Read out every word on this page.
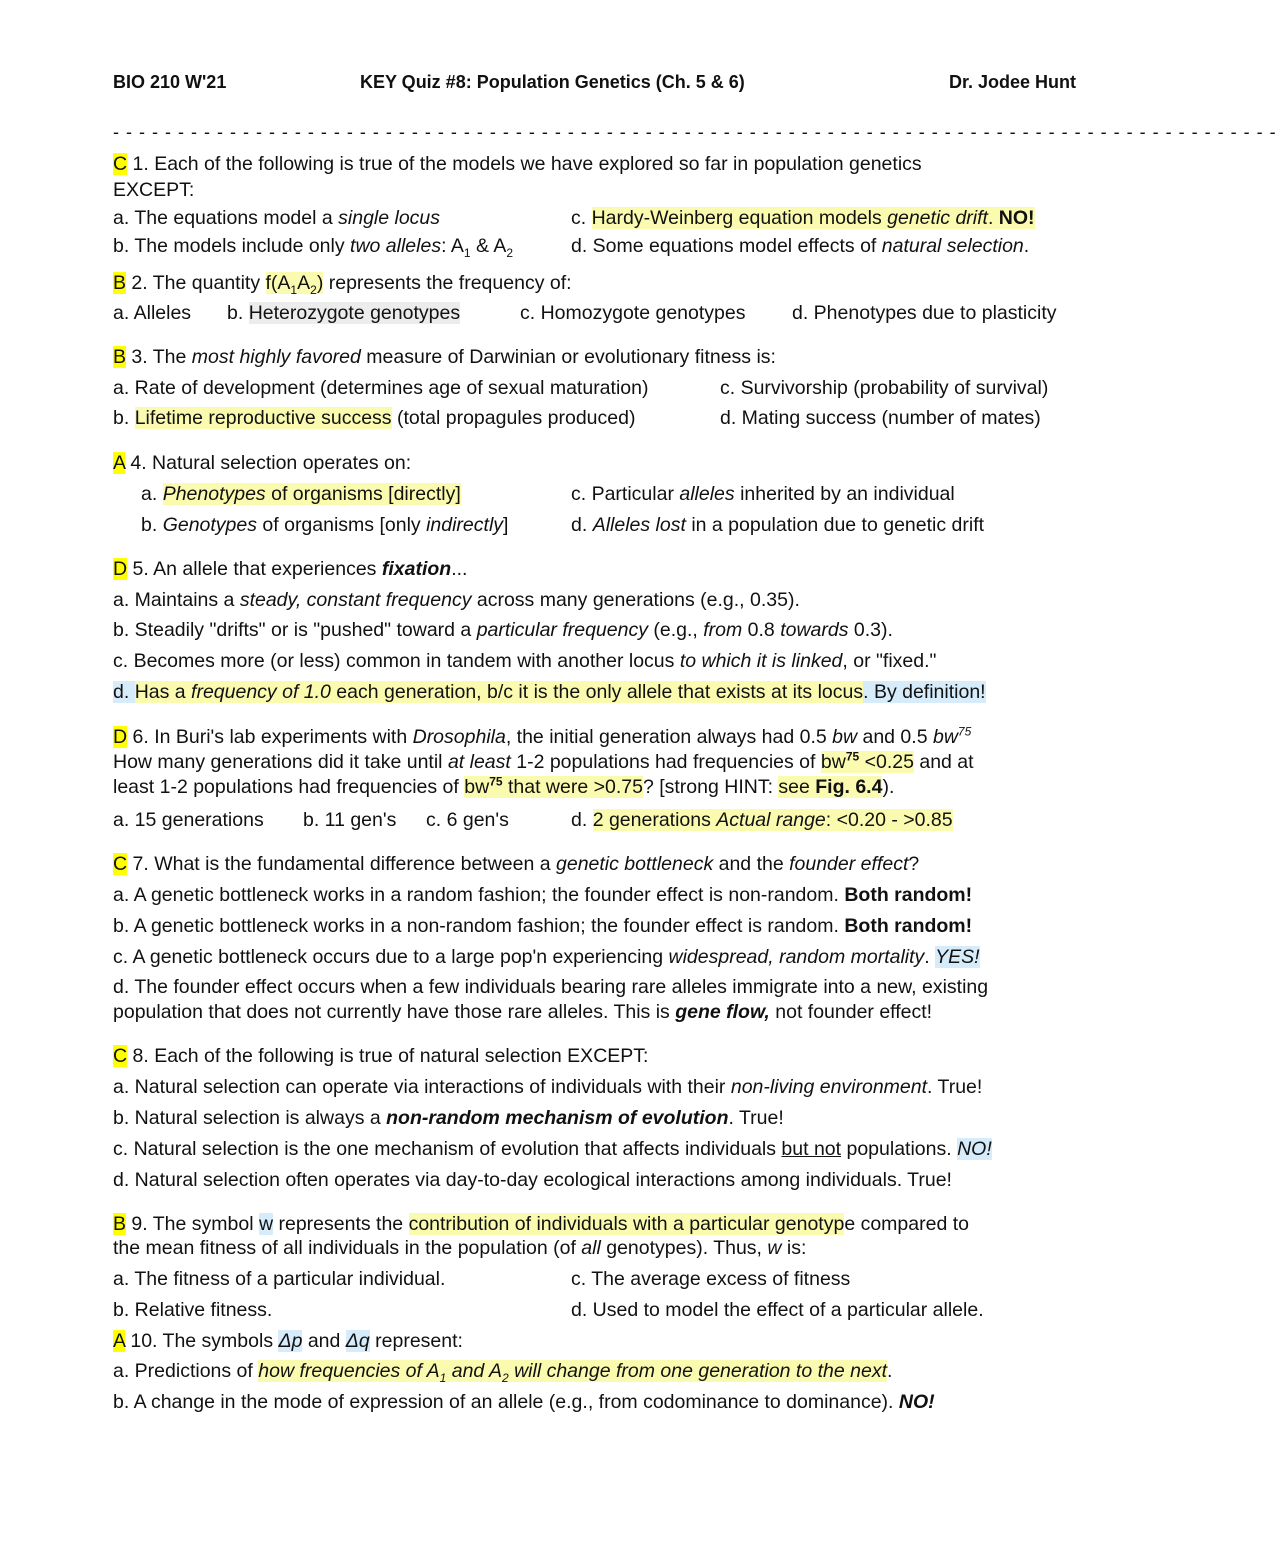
BIO 210 W'21	KEY Quiz #8: Population Genetics (Ch. 5 & 6)	Dr. Jodee Hunt
- - - - - - - - - - - - - - - - - - - - - - - - - - - - - - - - - - - - - - - - - - - - - - - - - - - - - - - - - - - - - - - - - - - - - - - - - - - - - - - - - - - - - - - - - -
C 1. Each of the following is true of the models we have explored so far in population genetics
EXCEPT:
a. The equations model a single locus	c. Hardy-Weinberg equation models genetic drift. NO!
b. The models include only two alleles: $A_1$ & $A_2$	d. Some equations model effects of natural selection.
B 2. The quantity $f(A_1A_2)$ represents the frequency of:
a. Alleles b. Heterozygote genotypes	c. Homozygote genotypes d. Phenotypes due to plasticity
B 3. The most highly favored measure of Darwinian or evolutionary fitness is:
a. Rate of development (determines age of sexual maturation)	c. Survivorship (probability of survival)
b. Lifetime reproductive success (total propagules produced)	d. Mating success (number of mates)
A 4. Natural selection operates on:
a. Phenotypes of organisms [directly]	c. Particular alleles inherited by an individual
b. Genotypes of organisms [only indirectly]	d. Alleles lost in a population due to genetic drift
D 5. An allele that experiences fixation...
a. Maintains a steady, constant frequency across many generations (e.g., 0.35).
b. Steadily "drifts" or is "pushed" toward a particular frequency (e.g., from 0.8 towards 0.3).
c. Becomes more (or less) common in tandem with another locus to which it is linked, or "fixed."
d. Has a frequency of 1.0 each generation, b/c it is the only allele that exists at its locus. By definition!
D 6. In Buri's lab experiments with Drosophila, the initial generation always had 0.5 bw and 0.5 $bw^{75}$
How many generations did it take until at least 1-2 populations had frequencies of $bw^{75} <0.25$ and at
least 1-2 populations had frequencies of $bw^{75}$ that were >0.75? [strong HINT: see Fig. 6.4).
a. 15 generations b. 11 gen's c. 6 gen's	d. 2 generations Actual range: <0.20 - >0.85
C 7. What is the fundamental difference between a genetic bottleneck and the founder effect?
a. A genetic bottleneck works in a random fashion; the founder effect is non-random. Both random!
b. A genetic bottleneck works in a non-random fashion; the founder effect is random. Both random!
c. A genetic bottleneck occurs due to a large pop'n experiencing widespread, random mortality. YES!
d. The founder effect occurs when a few individuals bearing rare alleles immigrate into a new, existing
population that does not currently have those rare alleles. This is gene flow, not founder effect!
C 8. Each of the following is true of natural selection EXCEPT:
a. Natural selection can operate via interactions of individuals with their non-living environment. True!
b. Natural selection is always a non-random mechanism of evolution. True!
c. Natural selection is the one mechanism of evolution that affects individuals but not populations. NO!
d. Natural selection often operates via day-to-day ecological interactions among individuals. True!
B 9. The symbol w represents the contribution of individuals with a particular genotype compared to
the mean fitness of all individuals in the population (of all genotypes). Thus, w is:
a. The fitness of a particular individual.	c. The average excess of fitness
b. Relative fitness.	d. Used to model the effect of a particular allele.
A 10. The symbols Δp and Δq represent:
a. Predictions of how frequencies of $A_1$ and $A_2$ will change from one generation to the next.
b. A change in the mode of expression of an allele (e.g., from codominance to dominance). NO!
